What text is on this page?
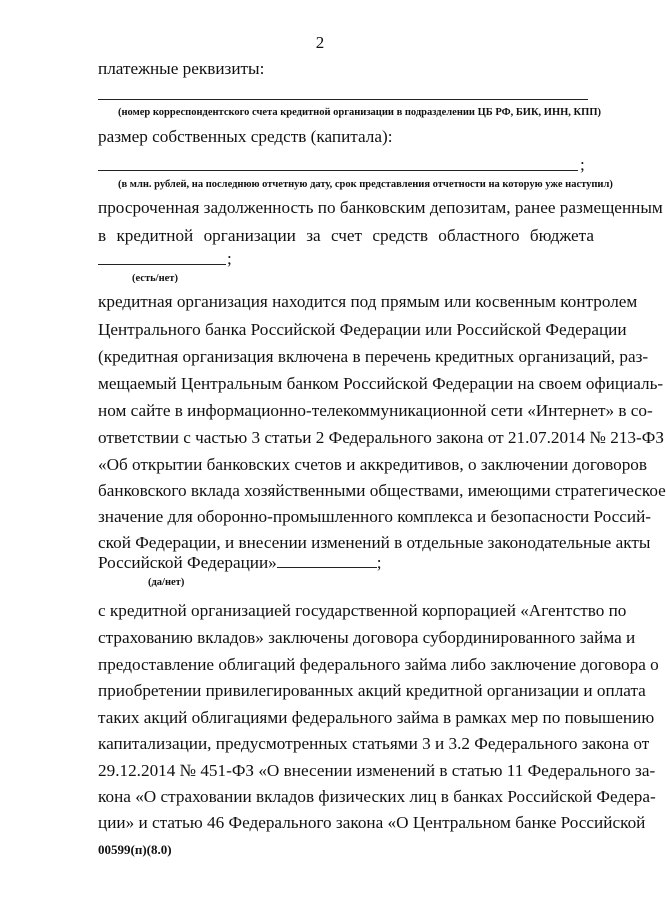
2
платежные реквизиты:
(номер корреспондентского счета кредитной организации в подразделении ЦБ РФ, БИК, ИНН, КПП)
размер собственных средств (капитала):
;
(в млн. рублей, на последнюю отчетную дату, срок представления отчетности на которую уже наступил)
просроченная задолженность по банковским депозитам, ранее размещенным
в кредитной организации за счет средств областного бюджета
;
(есть/нет)
кредитная организация находится под прямым или косвенным контролем
Центрального банка Российской Федерации или Российской Федерации
(кредитная организация включена в перечень кредитных организаций, раз-
мещаемый Центральным банком Российской Федерации на своем официаль-
ном сайте в информационно-телекоммуникационной сети «Интернет» в со-
ответствии с частью 3 статьи 2 Федерального закона от 21.07.2014 № 213-ФЗ
«Об открытии банковских счетов и аккредитивов, о заключении договоров
банковского вклада хозяйственными обществами, имеющими стратегическое
значение для оборонно-промышленного комплекса и безопасности Россий-
ской Федерации, и внесении изменений в отдельные законодательные акты
Российской Федерации»	;
(да/нет)
с кредитной организацией государственной корпорацией «Агентство по
страхованию вкладов» заключены договора субординированного займа и
предоставление облигаций федерального займа либо заключение договора о
приобретении привилегированных акций кредитной организации и оплата
таких акций облигациями федерального займа в рамках мер по повышению
капитализации, предусмотренных статьями 3 и 3.2 Федерального закона от
29.12.2014 № 451-ФЗ «О внесении изменений в статью 11 Федерального за-
кона «О страховании вкладов физических лиц в банках Российской Федера-
ции» и статью 46 Федерального закона «О Центральном банке Российской
00599(п)(8.0)
